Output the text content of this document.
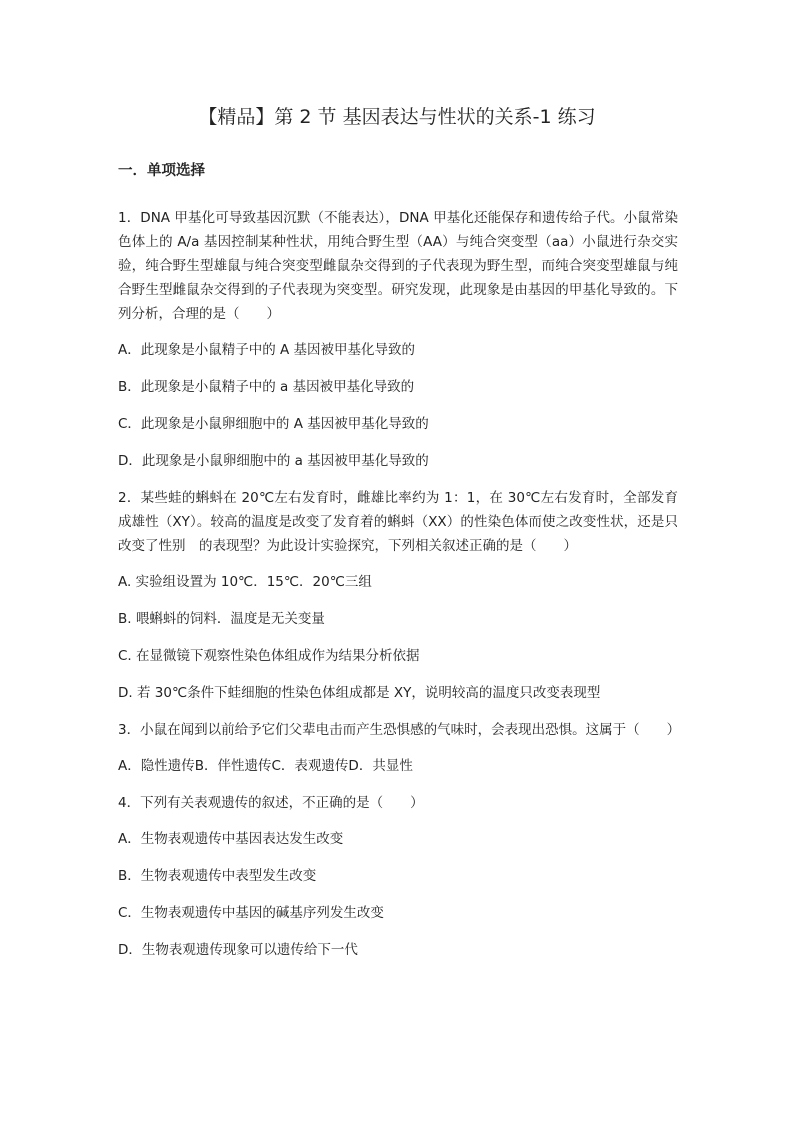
【精品】第 2 节 基因表达与性状的关系-1 练习
一．单项选择

1．DNA 甲基化可导致基因沉默（不能表达），DNA 甲基化还能保存和遗传给子代。小鼠常染色体上的 A/a 基因控制某种性状，用纯合野生型（AA）与纯合突变型（aa）小鼠进行杂交实验，纯合野生型雄鼠与纯合突变型雌鼠杂交得到的子代表现为野生型，而纯合突变型雄鼠与纯合野生型雌鼠杂交得到的子代表现为突变型。研究发现，此现象是由基因的甲基化导致的。下列分析，合理的是（　　）

A．此现象是小鼠精子中的 A 基因被甲基化导致的
B．此现象是小鼠精子中的 a 基因被甲基化导致的
C．此现象是小鼠卵细胞中的 A 基因被甲基化导致的
D．此现象是小鼠卵细胞中的 a 基因被甲基化导致的

2．某些蛙的蝌蚪在 20℃左右发育时，雌雄比率约为 1：1，在 30℃左右发育时，全部发育成雄性（XY）。较高的温度是改变了发育着的蝌蚪（XX）的性染色体而使之改变性状，还是只改变了性别　的表现型？为此设计实验探究，下列相关叙述正确的是（　　）

A. 实验组设置为 10℃．15℃．20℃三组
B. 喂蝌蚪的饲料．温度是无关变量
C. 在显微镜下观察性染色体组成作为结果分析依据
D. 若 30℃条件下蛙细胞的性染色体组成都是 XY，说明较高的温度只改变表现型

3．小鼠在闻到以前给予它们父辈电击而产生恐惧感的气味时，会表现出恐惧。这属于（　　）

A．隐性遗传B．伴性遗传C．表观遗传D．共显性

4．下列有关表观遗传的叙述，不正确的是（　　）

A．生物表观遗传中基因表达发生改变
B．生物表观遗传中表型发生改变
C．生物表观遗传中基因的碱基序列发生改变
D．生物表观遗传现象可以遗传给下一代
